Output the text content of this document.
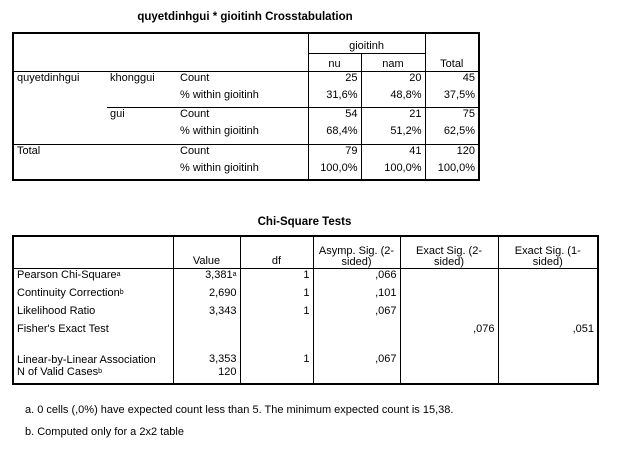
quyetdinhgui * gioitinh Crosstabulation
			gioitinh		
			nu	nam	Total
quyetdinhgui	khonggui	Count	25	20	45
		% within gioitinh	31,6%	48,8%	37,5%
	gui	Count	54	21	75
		% within gioitinh	68,4%	51,2%	62,5%
Total		Count	79	41	120
		% within gioitinh	100,0%	100,0%	100,0%
Chi-Square Tests
	Value	df	Asymp. Sig. (2-sided)	Exact Sig. (2-sided)	Exact Sig. (1-sided)
Pearson Chi-Square$^a$	3,381$^a$	1	,066		
Continuity Correction$^b$	2,690	1	,101		
Likelihood Ratio	3,343	1	,067		
Fisher's Exact Test				,076	,051
Linear-by-Linear Association	3,353	1	,067		
N of Valid Cases$^b$	120				
a. 0 cells (,0%) have expected count less than 5. The minimum expected count is 15,38.
b. Computed only for a 2x2 table
